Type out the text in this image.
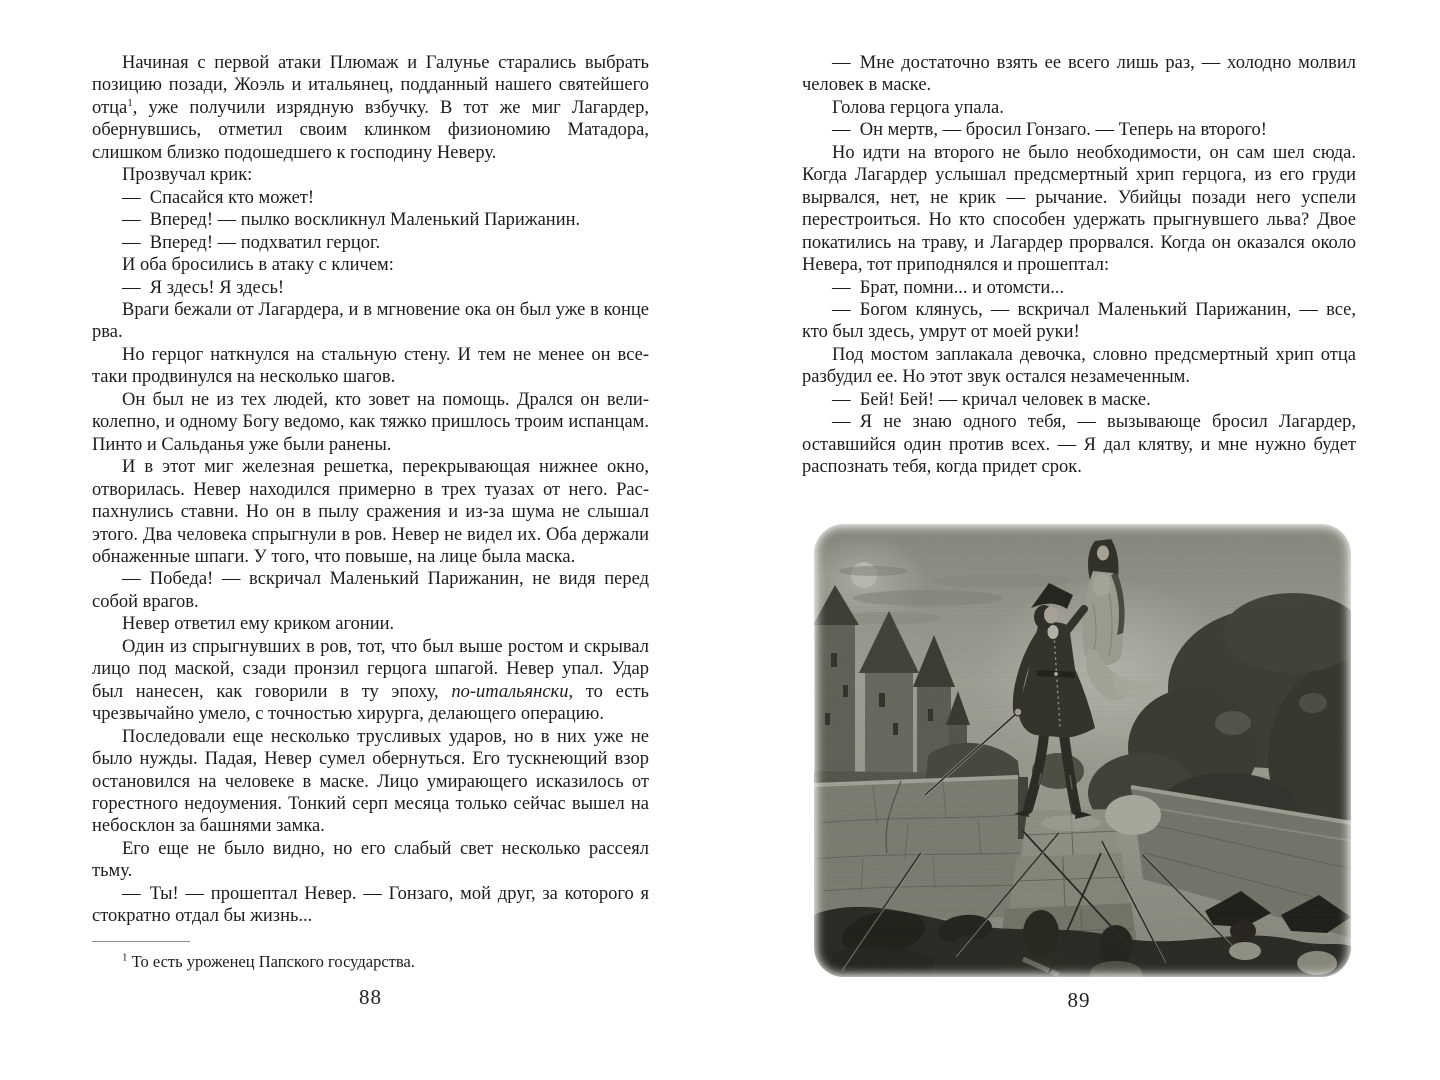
Начиная с первой атаки Плюмаж и Галунье старались выбрать позицию позади, Жоэль и итальянец, подданный нашего святейшего отца$^1$, уже получили изрядную взбучку. В тот же миг Лагардер, обернувшись, отметил своим клинком физиономию Матадора, слишком близко подошедшего к господину Неверу.

Прозвучал крик:

— Спасайся кто может!

— Вперед! — пылко воскликнул Маленький Парижанин.

— Вперед! — подхватил герцог.

И оба бросились в атаку с кличем:

— Я здесь! Я здесь!

Враги бежали от Лагардера, и в мгновение ока он был уже в конце рва.

Но герцог наткнулся на стальную стену. И тем не менее он все-таки продвинулся на несколько шагов.

Он был не из тех людей, кто зовет на помощь. Дрался он великолепно, и одному Богу ведомо, как тяжко пришлось троим испанцам. Пинто и Сальданья уже были ранены.

И в этот миг железная решетка, перекрывающая нижнее окно, отворилась. Невер находился примерно в трех туазах от него. Распахнулись ставни. Но он в пылу сражения и из-за шума не слышал этого. Два человека спрыгнули в ров. Невер не видел их. Оба держали обнаженные шпаги. У того, что повыше, на лице была маска.

— Победа! — вскричал Маленький Парижанин, не видя перед собой врагов.

Невер ответил ему криком агонии.

Один из спрыгнувших в ров, тот, что был выше ростом и скрывал лицо под маской, сзади пронзил герцога шпагой. Невер упал. Удар был нанесен, как говорили в ту эпоху, по-итальянски, то есть чрезвычайно умело, с точностью хирурга, делающего операцию.

Последовали еще несколько трусливых ударов, но в них уже не было нужды. Падая, Невер сумел обернуться. Его тускнеющий взор остановился на человеке в маске. Лицо умирающего исказилось от горестного недоумения. Тонкий серп месяца только сейчас вышел на небосклон за башнями замка.

Его еще не было видно, но его слабый свет несколько рассеял тьму.

— Ты! — прошептал Невер. — Гонзаго, мой друг, за которого я стократно отдал бы жизнь...

$^1$ То есть уроженец Папского государства.

88

— Мне достаточно взять ее всего лишь раз, — холодно молвил человек в маске.

Голова герцога упала.

— Он мертв, — бросил Гонзаго. — Теперь на второго!

Но идти на второго не было необходимости, он сам шел сюда. Когда Лагардер услышал предсмертный хрип герцога, из его груди вырвался, нет, не крик — рычание. Убийцы позади него успели перестроиться. Но кто способен удержать прыгнувшего льва? Двое покатились на траву, и Лагардер прорвался. Когда он оказался около Невера, тот приподнялся и прошептал:

— Брат, помни... и отомсти...

— Богом клянусь, — вскричал Маленький Парижанин, — все, кто был здесь, умрут от моей руки!

Под мостом заплакала девочка, словно предсмертный хрип отца разбудил ее. Но этот звук остался незамеченным.

— Бей! Бей! — кричал человек в маске.

— Я не знаю одного тебя, — вызывающе бросил Лагардер, оставшийся один против всех. — Я дал клятву, и мне нужно будет распознать тебя, когда придет срок.

89
